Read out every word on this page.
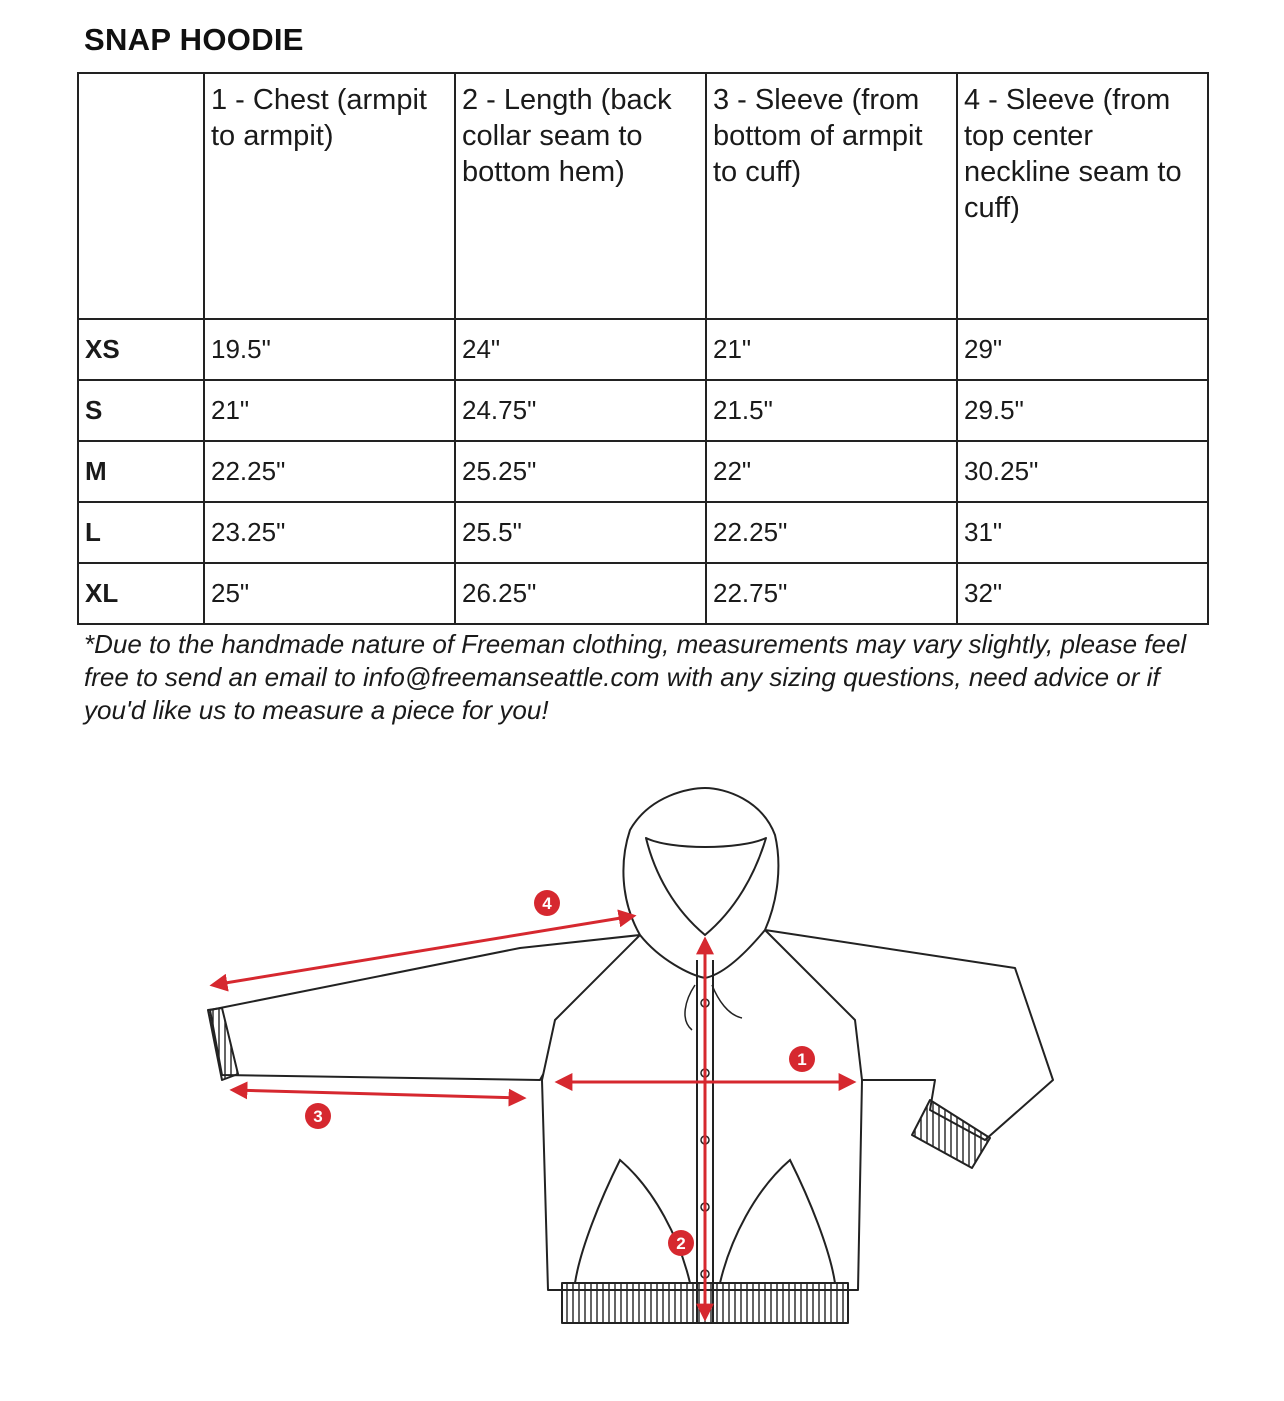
SNAP HOODIE
	1 - Chest (armpit to armpit)	2 - Length (back collar seam to bottom hem)	3 - Sleeve (from bottom of armpit to cuff)	4 - Sleeve (from top center neckline seam to cuff)
XS	19.5"	24"	21"	29"
S	21"	24.75"	21.5"	29.5"
M	22.25"	25.25"	22"	30.25"
L	23.25"	25.5"	22.25"	31"
XL	25"	26.25"	22.75"	32"
*Due to the handmade nature of Freeman clothing, measurements may vary slightly, please feel free to send an email to info@freemanseattle.com with any sizing questions, need advice or if you'd like us to measure a piece for you!
1
2
3
4
